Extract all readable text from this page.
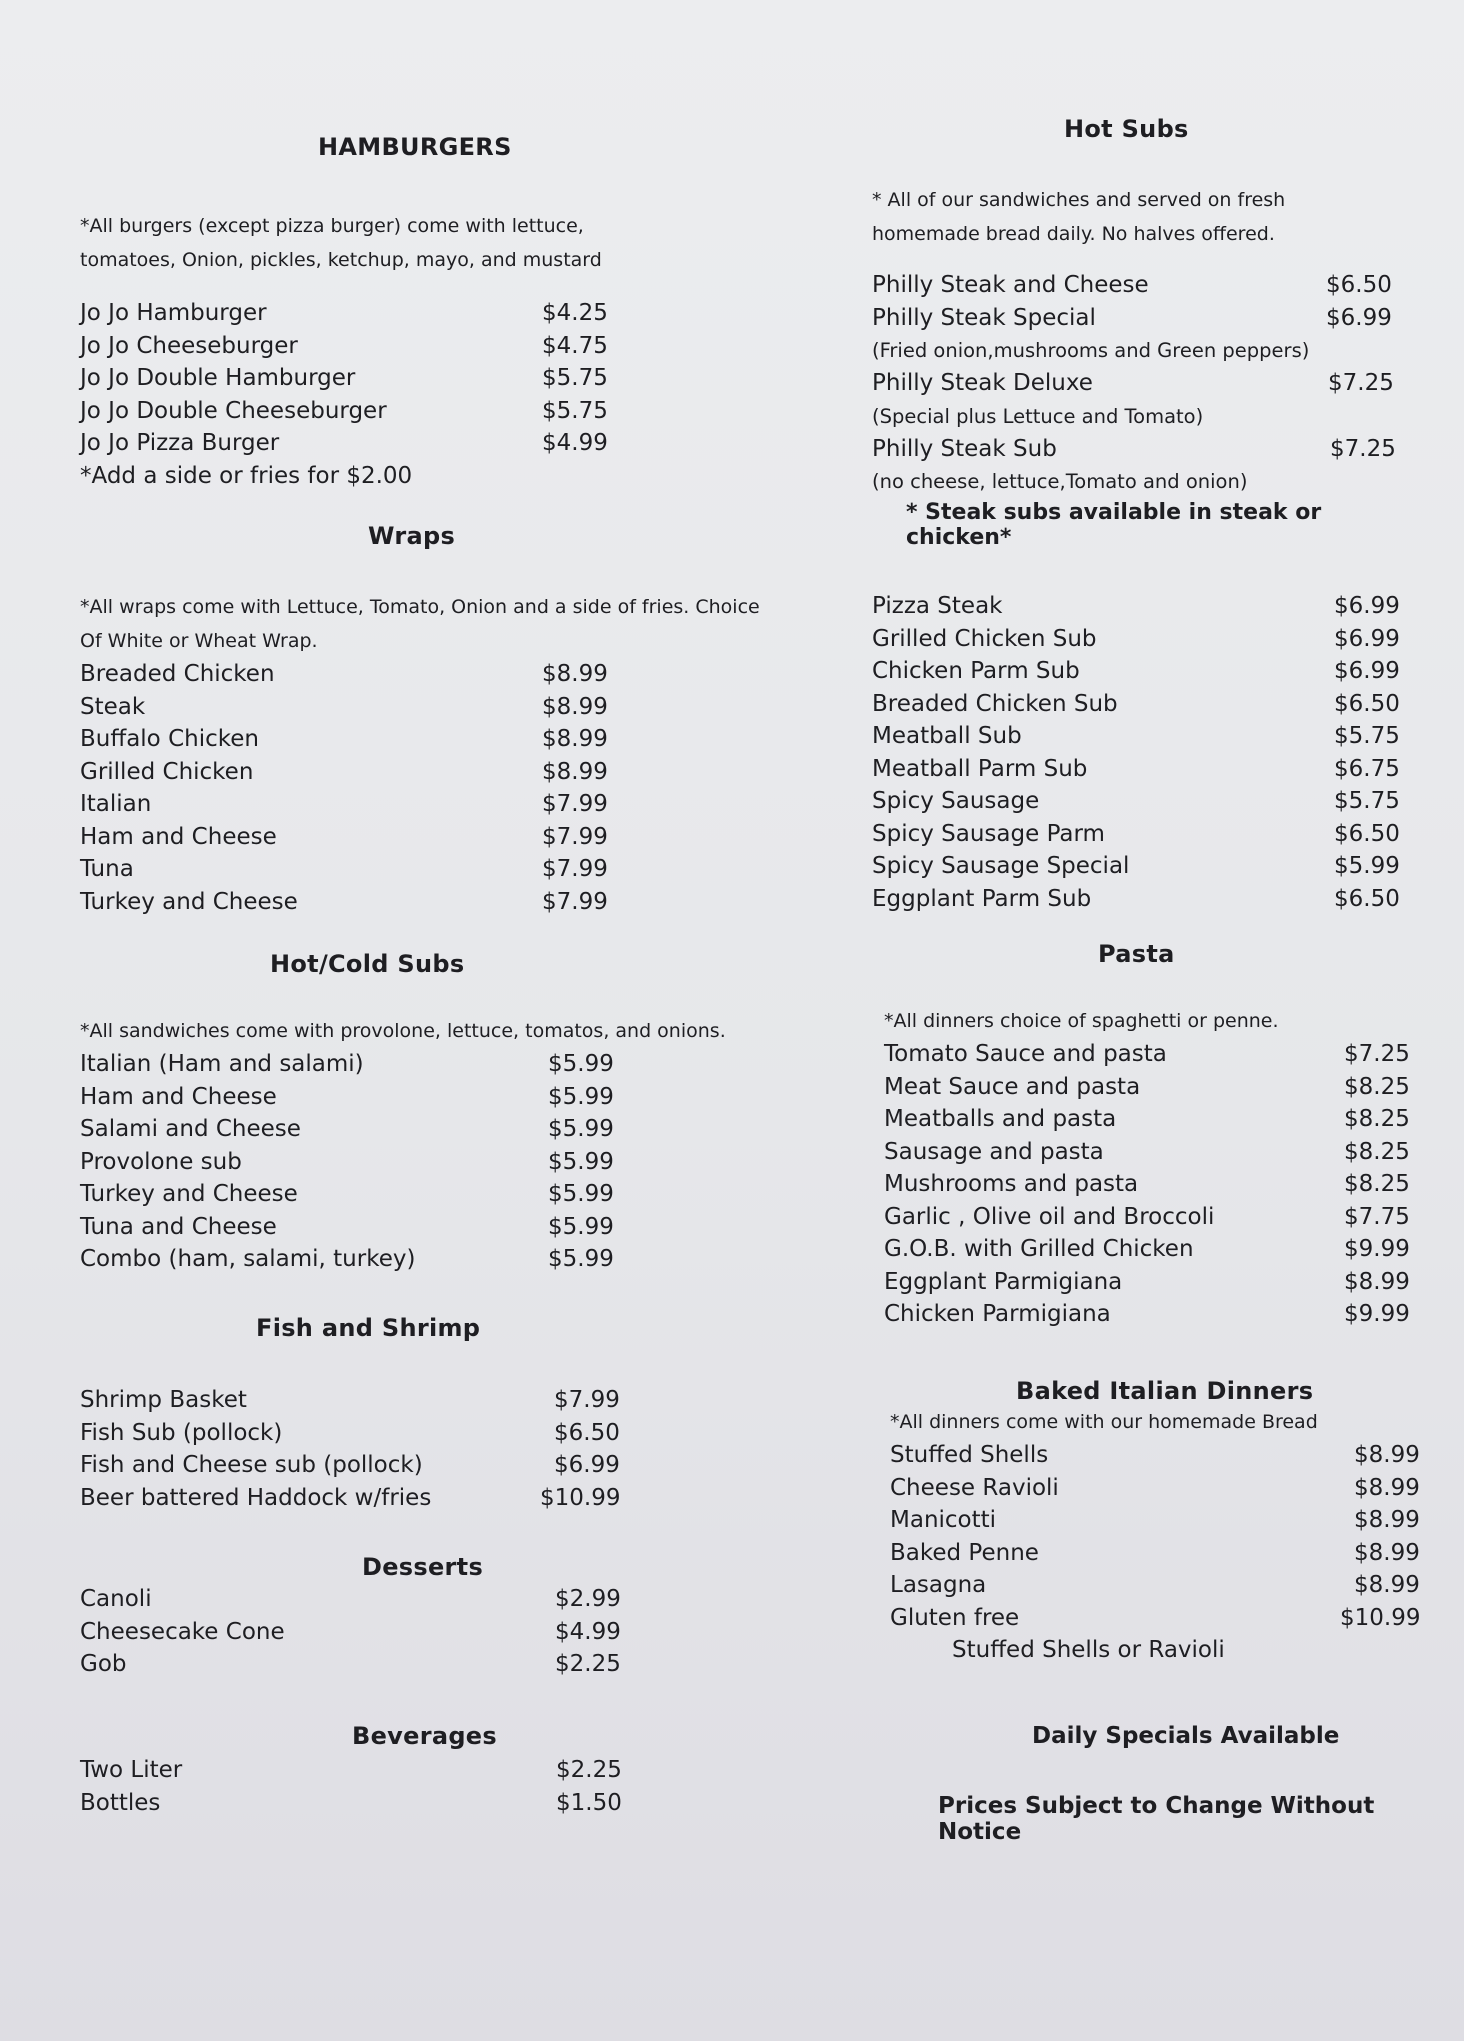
HAMBURGERS
*All burgers (except pizza burger) come with lettuce, tomatoes, Onion, pickles, ketchup, mayo, and mustard
Jo Jo Hamburger	$4.25
Jo Jo Cheeseburger	$4.75
Jo Jo Double Hamburger	$5.75
Jo Jo Double Cheeseburger	$5.75
Jo Jo Pizza Burger	$4.99
*Add a side or fries for $2.00
Wraps
*All wraps come with Lettuce, Tomato, Onion and a side of fries. Choice Of White or Wheat Wrap.
Breaded Chicken	$8.99
Steak	$8.99
Buffalo Chicken	$8.99
Grilled Chicken	$8.99
Italian	$7.99
Ham and Cheese	$7.99
Tuna	$7.99
Turkey and Cheese	$7.99
Hot/Cold Subs
*All sandwiches come with provolone, lettuce, tomatos, and onions.
Italian (Ham and salami)	$5.99
Ham and Cheese	$5.99
Salami and Cheese	$5.99
Provolone sub	$5.99
Turkey and Cheese	$5.99
Tuna and Cheese	$5.99
Combo (ham, salami, turkey)	$5.99
Fish and Shrimp
Shrimp Basket	$7.99
Fish Sub (pollock)	$6.50
Fish and Cheese sub (pollock)	$6.99
Beer battered Haddock w/fries	$10.99
Desserts
Canoli	$2.99
Cheesecake Cone	$4.99
Gob	$2.25
Beverages
Two Liter	$2.25
Bottles	$1.50
Hot Subs
* All of our sandwiches and served on fresh homemade bread daily. No halves offered.
Philly Steak and Cheese	$6.50
Philly Steak Special	$6.99
(Fried onion,mushrooms and Green peppers)
Philly Steak Deluxe	$7.25
(Special plus Lettuce and Tomato)
Philly Steak Sub	$7.25
(no cheese, lettuce,Tomato and onion)
* Steak subs available in steak or chicken*
Pizza Steak	$6.99
Grilled Chicken Sub	$6.99
Chicken Parm Sub	$6.99
Breaded Chicken Sub	$6.50
Meatball Sub	$5.75
Meatball Parm Sub	$6.75
Spicy Sausage	$5.75
Spicy Sausage Parm	$6.50
Spicy Sausage Special	$5.99
Eggplant Parm Sub	$6.50
Pasta
*All dinners choice of spaghetti or penne.
Tomato Sauce and pasta	$7.25
Meat Sauce and pasta	$8.25
Meatballs and pasta	$8.25
Sausage and pasta	$8.25
Mushrooms and pasta	$8.25
Garlic , Olive oil and Broccoli	$7.75
G.O.B. with Grilled Chicken	$9.99
Eggplant Parmigiana	$8.99
Chicken Parmigiana	$9.99
Baked Italian Dinners
*All dinners come with our homemade Bread
Stuffed Shells	$8.99
Cheese Ravioli	$8.99
Manicotti	$8.99
Baked Penne	$8.99
Lasagna	$8.99
Gluten free	$10.99
Stuffed Shells or Ravioli
Daily Specials Available
Prices Subject to Change Without Notice
